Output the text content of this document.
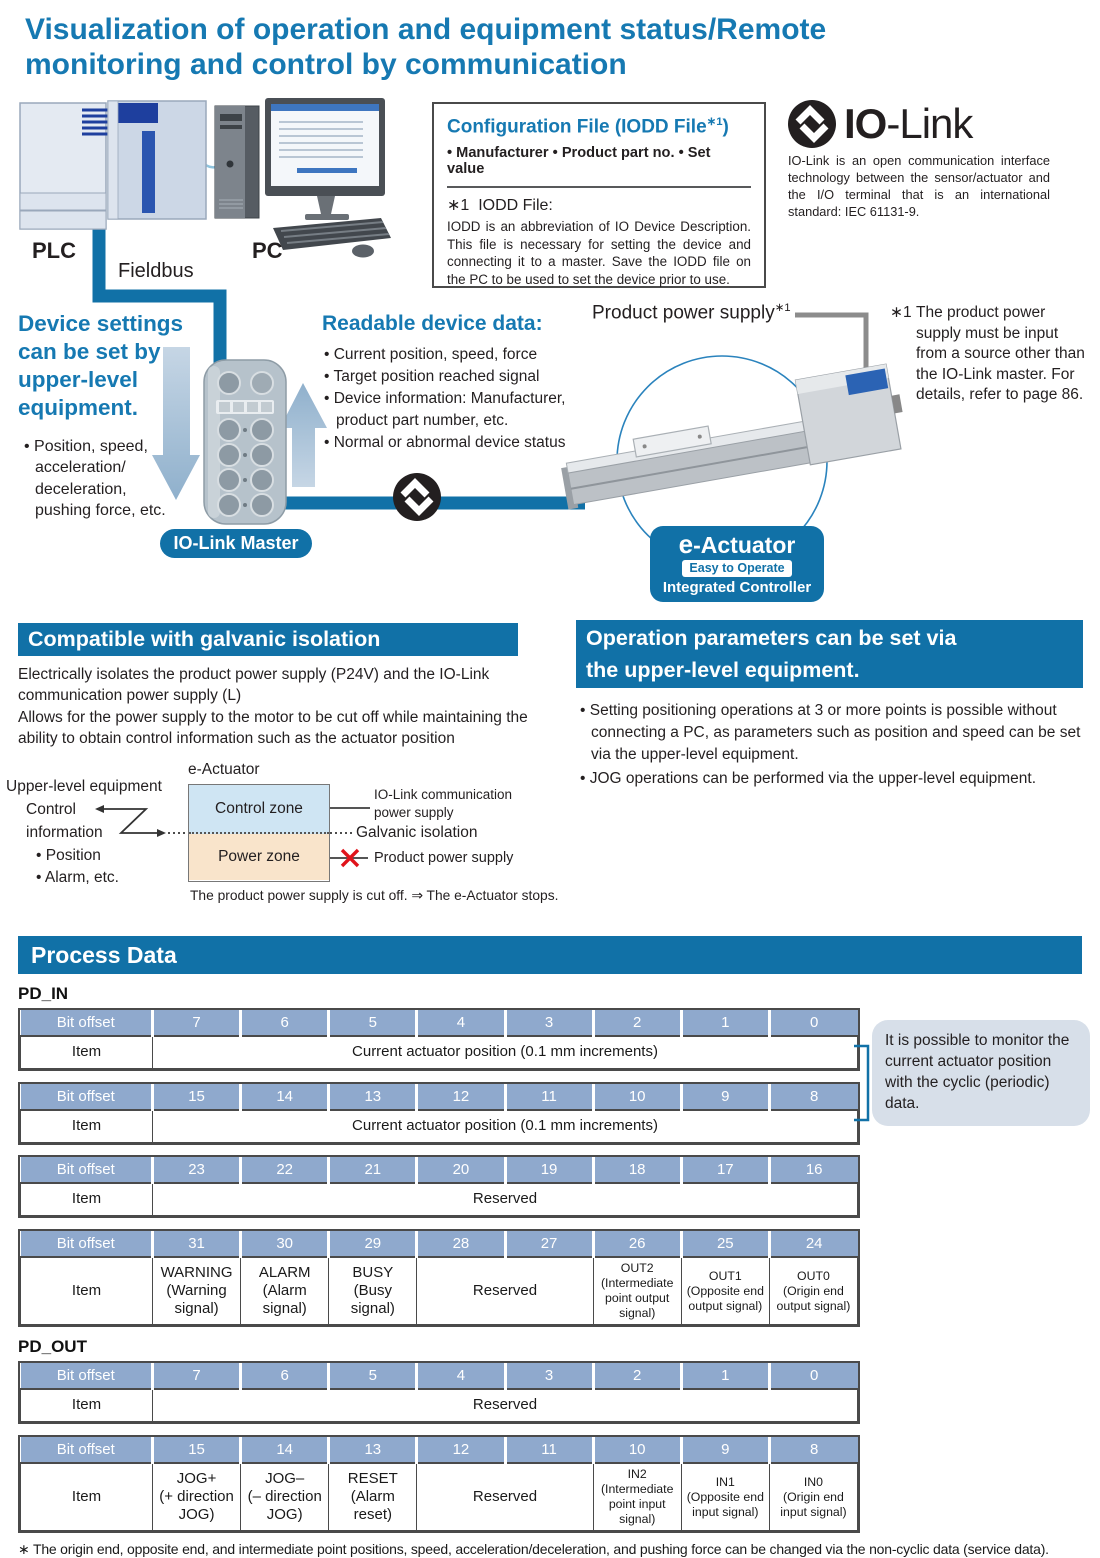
Visualization of operation and equipment status/Remote
monitoring and control by communication
PLC	PC
Fieldbus
Configuration File (IODD File$^{∗1}$)
• Manufacturer • Product part no. • Set value
∗1 IODD File:
IODD is an abbreviation of IO Device Description. This file is necessary for setting the device and connecting it to a master. Save the IODD file on the PC to be used to set the device prior to use.
IO-Link
IO-Link is an open communication interface technology between the sensor/actuator and the I/O terminal that is an international standard: IEC 61131-9.
Device settings
can be set by
upper-level
equipment.
• Position, speed, acceleration/ deceleration, pushing force, etc.
IO-Link Master
Readable device data:
• Current position, speed, force
• Target position reached signal
• Device information: Manufacturer, product part number, etc.
• Normal or abnormal device status
Product power supply$^{∗1}$	∗1 The product power supply must be input from a source other than the IO-Link master. For details, refer to page 86.
e-Actuator
Easy to Operate
Integrated Controller
Compatible with galvanic isolation
Electrically isolates the product power supply (P24V) and the IO-Link communication power supply (L)
Allows for the power supply to the motor to be cut off while maintaining the ability to obtain control information such as the actuator position
e-Actuator
Control zone
Power zone
Upper-level equipment
Control
information
• Position
• Alarm, etc.
IO-Link communication
power supply
Galvanic isolation
Product power supply
The product power supply is cut off. ⇒ The e-Actuator stops.
Operation parameters can be set via
the upper-level equipment.
• Setting positioning operations at 3 or more points is possible without connecting a PC, as parameters such as position and speed can be set via the upper-level equipment.
• JOG operations can be performed via the upper-level equipment.
Process Data
PD_IN
Bit offset	7	6	5	4	3	2	1	0
Item	Current actuator position (0.1 mm increments)							
Bit offset	15	14	13	12	11	10	9	8
Item	Current actuator position (0.1 mm increments)							
Bit offset	23	22	21	20	19	18	17	16
Item	Reserved							
Bit offset	31	30	29	28	27	26	25	24
Item	WARNING
(Warning
signal)	ALARM
(Alarm
signal)	BUSY
(Busy
signal)	Reserved		OUT2
(Intermediate
point output
signal)	OUT1
(Opposite end
output signal)	OUT0
(Origin end
output signal)
PD_OUT
Bit offset	7	6	5	4	3	2	1	0
Item	Reserved							
Bit offset	15	14	13	12	11	10	9	8
Item	JOG+
(+ direction
JOG)	JOG–
(– direction
JOG)	RESET
(Alarm
reset)	Reserved		IN2
(Intermediate
point input
signal)	IN1
(Opposite end
input signal)	IN0
(Origin end
input signal)
∗ The origin end, opposite end, and intermediate point positions, speed, acceleration/deceleration, and pushing force can be changed via the non-cyclic data (service data).
It is possible to monitor the current actuator position with the cyclic (periodic) data.
